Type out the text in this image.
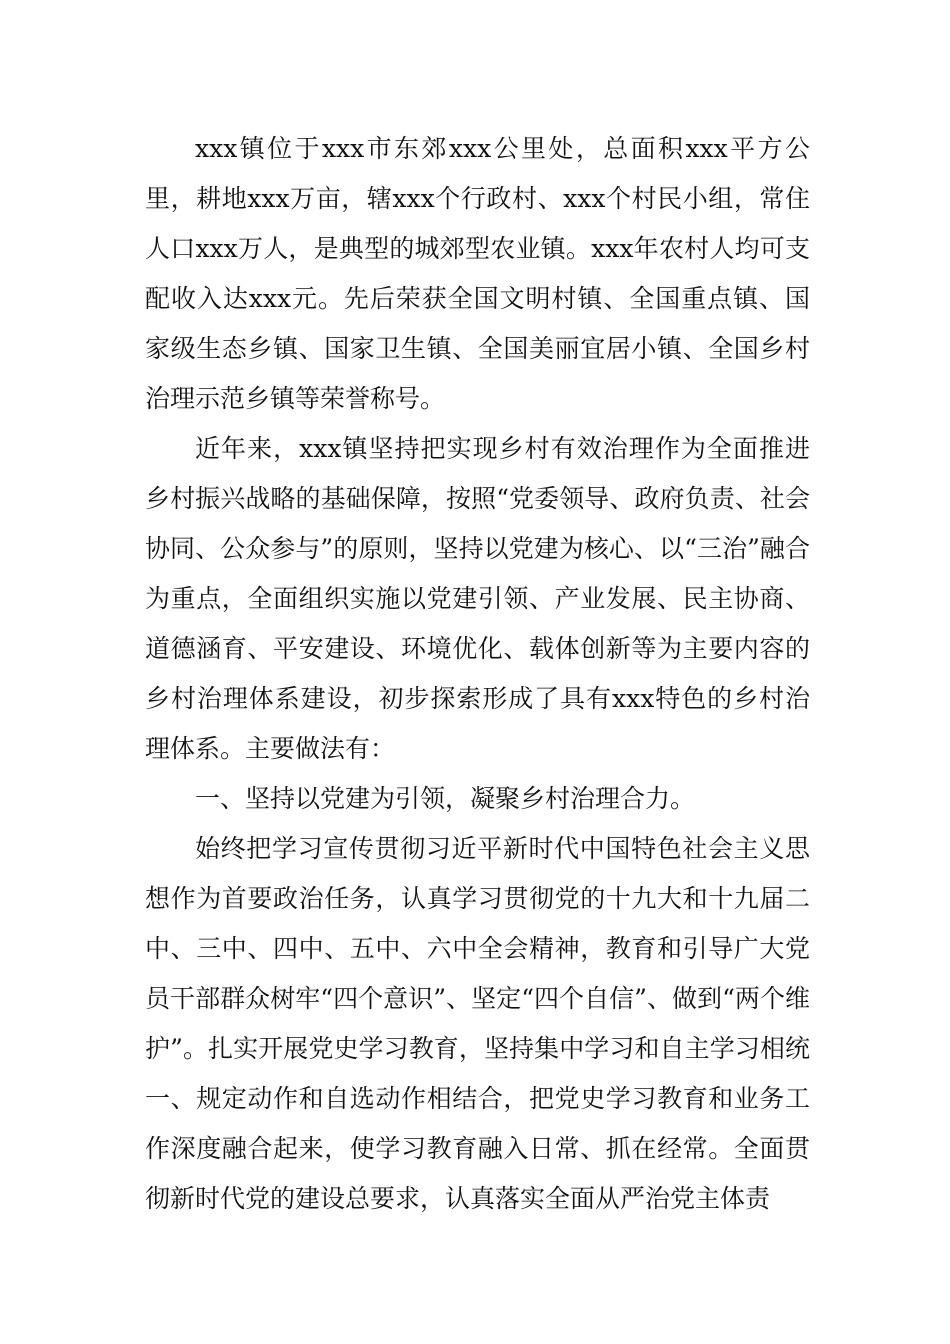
xxx镇位于xxx市东郊xxx公里处，总面积xxx平方公里，耕地xxx万亩，辖xxx个行政村、xxx个村民小组，常住人口xxx万人，是典型的城郊型农业镇。xxx年农村人均可支配收入达xxx元。先后荣获全国文明村镇、全国重点镇、国家级生态乡镇、国家卫生镇、全国美丽宜居小镇、全国乡村治理示范乡镇等荣誉称号。

近年来，xxx镇坚持把实现乡村有效治理作为全面推进乡村振兴战略的基础保障，按照“党委领导、政府负责、社会协同、公众参与”的原则，坚持以党建为核心、以“三治”融合为重点，全面组织实施以党建引领、产业发展、民主协商、道德涵育、平安建设、环境优化、载体创新等为主要内容的乡村治理体系建设，初步探索形成了具有xxx特色的乡村治理体系。主要做法有：

一、坚持以党建为引领，凝聚乡村治理合力。

始终把学习宣传贯彻习近平新时代中国特色社会主义思想作为首要政治任务，认真学习贯彻党的十九大和十九届二中、三中、四中、五中、六中全会精神，教育和引导广大党员干部群众树牢“四个意识”、坚定“四个自信”、做到“两个维护”。扎实开展党史学习教育，坚持集中学习和自主学习相统一、规定动作和自选动作相结合，把党史学习教育和业务工作深度融合起来，使学习教育融入日常、抓在经常。全面贯彻新时代党的建设总要求，认真落实全面从严治党主体责
